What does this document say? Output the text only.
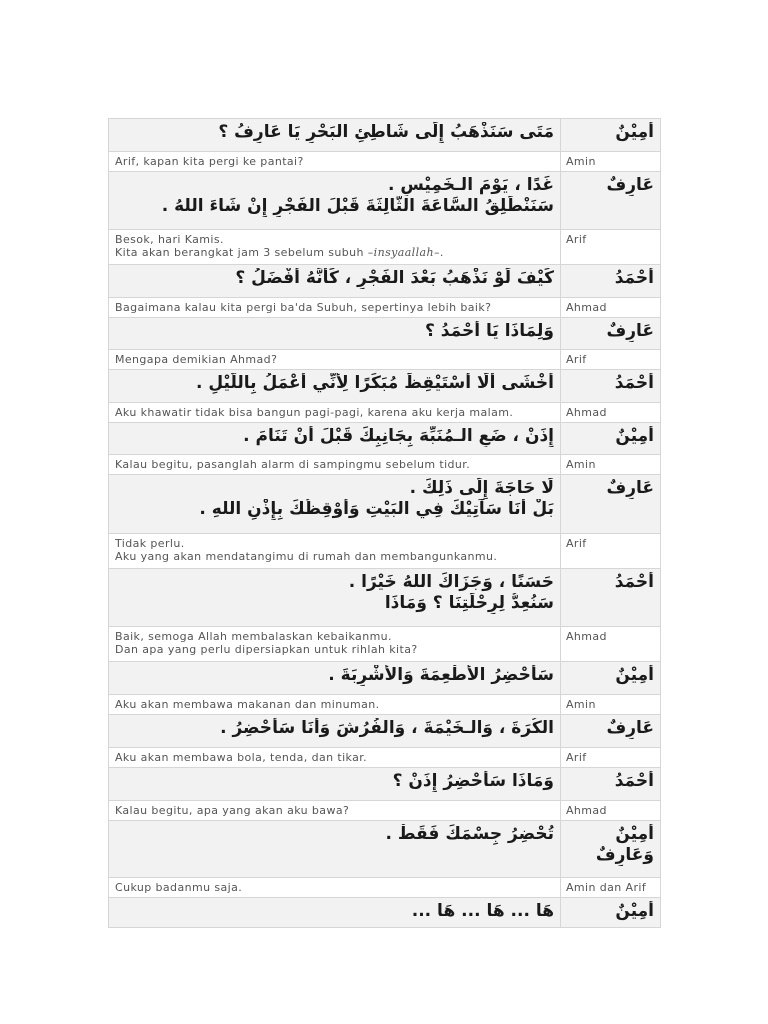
مَتَى سَنَذْهَبُ إِلَى شَاطِئِ البَحْرِ يَا عَارِفُ ؟	أَمِيْنٌ

Arif, kapan kita pergi ke pantai?	Amin

غَدًا ، يَوْمَ الـخَمِيْسِ .
سَنَنْطَلِقُ السَّاعَةَ الثَّالِثَةَ قَبْلَ الفَجْرِ إِنْ شَاءَ اللهُ .	عَارِفٌ

Besok, hari Kamis.
Kita akan berangkat jam 3 sebelum subuh –insyaallah–.	Arif

كَيْفَ لَوْ نَذْهَبُ بَعْدَ الفَجْرِ ، كَأَنَّهُ أَفْضَلُ ؟	أَحْمَدُ

Bagaimana kalau kita pergi ba'da Subuh, sepertinya lebih baik?	Ahmad

وَلِمَاذَا يَا أَحْمَدُ ؟	عَارِفٌ

Mengapa demikian Ahmad?	Arif

أَخْشَى أَلَا أَسْتَيْقِظَ مُبَكِّرًا لِأَنِّي أَعْمَلُ بِاللَّيْلِ .	أَحْمَدُ

Aku khawatir tidak bisa bangun pagi-pagi, karena aku kerja malam.	Ahmad

إِذَنْ ، ضَعِ الـمُنَبِّهَ بِجَانِبِكَ قَبْلَ أَنْ تَنَامَ .	أَمِيْنٌ

Kalau begitu, pasanglah alarm di sampingmu sebelum tidur.	Amin

لَا حَاجَةَ إِلَى ذَلِكَ .
بَلْ أَنَا سَآتِيْكَ فِي البَيْتِ وَأُوْقِظُكَ بِإِذْنِ اللهِ .	عَارِفٌ

Tidak perlu.
Aku yang akan mendatangimu di rumah dan membangunkanmu.	Arif

حَسَنًا ، وَجَزَاكَ اللهُ خَيْرًا .
سَنُعِدُّ لِرِحْلَتِنَا ؟ وَمَاذَا	أَحْمَدُ

Baik, semoga Allah membalaskan kebaikanmu.
Dan apa yang perlu dipersiapkan untuk rihlah kita?	Ahmad

سَأُحْضِرُ الأَطْعِمَةَ وَالأَشْرِبَةَ .	أَمِيْنٌ

Aku akan membawa makanan dan minuman.	Amin

الكُرَةَ ، وَالـخَيْمَةَ ، وَالفُرُشَ وَأَنَا سَأُحْضِرُ .	عَارِفٌ

Aku akan membawa bola, tenda, dan tikar.	Arif

وَمَاذَا سَأُحْضِرُ إِذَنْ ؟	أَحْمَدُ

Kalau begitu, apa yang akan aku bawa?	Ahmad

تُحْضِرُ جِسْمَكَ فَقَطْ .	أَمِيْنٌ
وَعَارِفٌ

Cukup badanmu saja.	Amin dan Arif

هَا ... هَا ... هَا ...	أَمِيْنٌ
